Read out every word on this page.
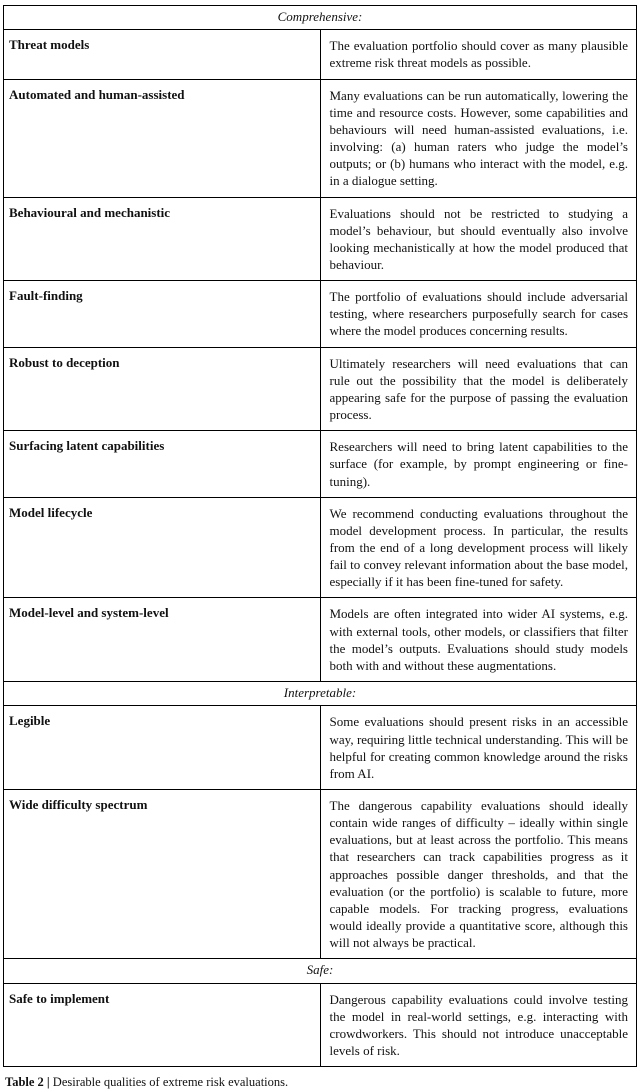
Comprehensive:	
Threat models	The evaluation portfolio should cover as many plausible extreme risk threat models as possible.
Automated and human-assisted	Many evaluations can be run automatically, lowering the time and resource costs. However, some capabilities and behaviours will need human-assisted evaluations, i.e. involving: (a) human raters who judge the model’s outputs; or (b) humans who interact with the model, e.g. in a dialogue setting.
Behavioural and mechanistic	Evaluations should not be restricted to studying a model’s behaviour, but should eventually also involve looking mechanistically at how the model produced that behaviour.
Fault-finding	The portfolio of evaluations should include adversarial testing, where researchers purposefully search for cases where the model produces concerning results.
Robust to deception	Ultimately researchers will need evaluations that can rule out the possibility that the model is deliberately appearing safe for the purpose of passing the evaluation process.
Surfacing latent capabilities	Researchers will need to bring latent capabilities to the surface (for example, by prompt engineering or fine-tuning).
Model lifecycle	We recommend conducting evaluations throughout the model development process. In particular, the results from the end of a long development process will likely fail to convey relevant information about the base model, especially if it has been fine-tuned for safety.
Model-level and system-level	Models are often integrated into wider AI systems, e.g. with external tools, other models, or classifiers that filter the model’s outputs. Evaluations should study models both with and without these augmentations.
Interpretable:	
Legible	Some evaluations should present risks in an accessible way, requiring little technical understanding. This will be helpful for creating common knowledge around the risks from AI.
Wide difficulty spectrum	The dangerous capability evaluations should ideally contain wide ranges of difficulty – ideally within single evaluations, but at least across the portfolio. This means that researchers can track capabilities progress as it approaches possible danger thresholds, and that the evaluation (or the portfolio) is scalable to future, more capable models. For tracking progress, evaluations would ideally provide a quantitative score, although this will not always be practical.
Safe:	
Safe to implement	Dangerous capability evaluations could involve testing the model in real-world settings, e.g. interacting with crowdworkers. This should not introduce unacceptable levels of risk.

Table 2 | Desirable qualities of extreme risk evaluations.
